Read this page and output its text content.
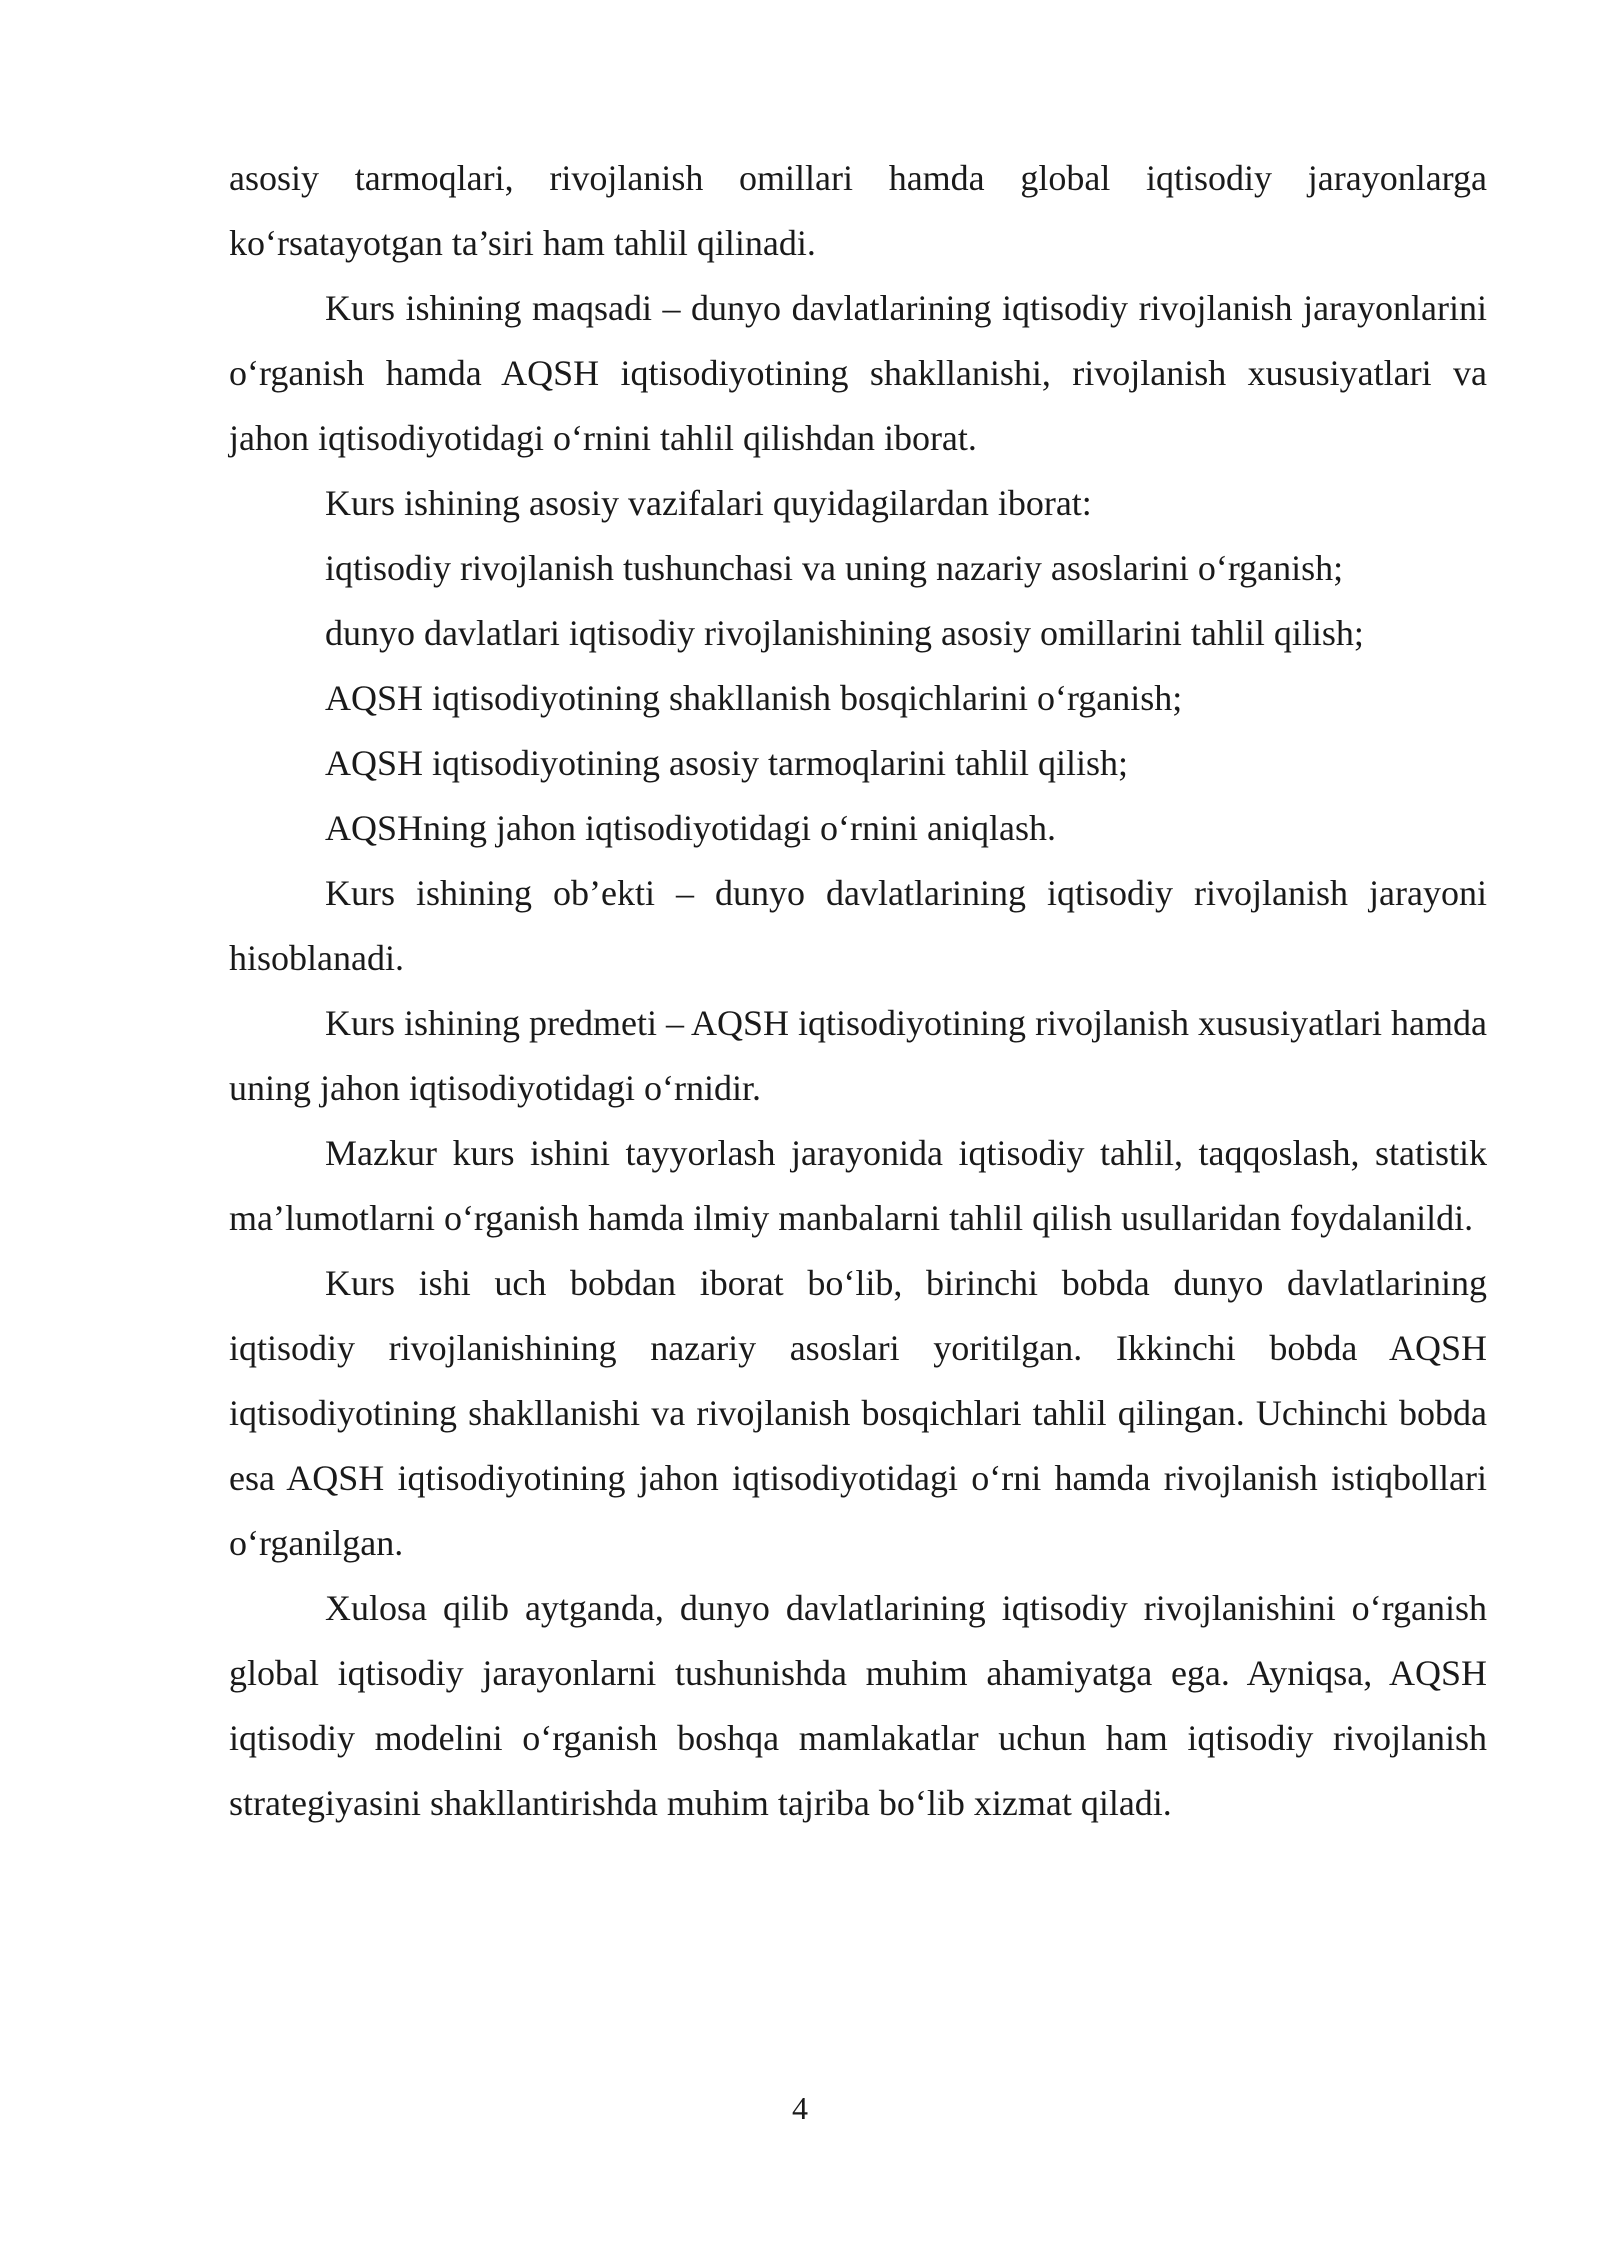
asosiy tarmoqlari, rivojlanish omillari hamda global iqtisodiy jarayonlarga ko‘rsatayotgan ta’siri ham tahlil qilinadi.

Kurs ishining maqsadi – dunyo davlatlarining iqtisodiy rivojlanish jarayonlarini o‘rganish hamda AQSH iqtisodiyotining shakllanishi, rivojlanish xususiyatlari va jahon iqtisodiyotidagi o‘rnini tahlil qilishdan iborat.

Kurs ishining asosiy vazifalari quyidagilardan iborat:

iqtisodiy rivojlanish tushunchasi va uning nazariy asoslarini o‘rganish;

dunyo davlatlari iqtisodiy rivojlanishining asosiy omillarini tahlil qilish;

AQSH iqtisodiyotining shakllanish bosqichlarini o‘rganish;

AQSH iqtisodiyotining asosiy tarmoqlarini tahlil qilish;

AQSHning jahon iqtisodiyotidagi o‘rnini aniqlash.

Kurs ishining ob’ekti – dunyo davlatlarining iqtisodiy rivojlanish jarayoni hisoblanadi.

Kurs ishining predmeti – AQSH iqtisodiyotining rivojlanish xususiyatlari hamda uning jahon iqtisodiyotidagi o‘rnidir.

Mazkur kurs ishini tayyorlash jarayonida iqtisodiy tahlil, taqqoslash, statistik ma’lumotlarni o‘rganish hamda ilmiy manbalarni tahlil qilish usullaridan foydalanildi.

Kurs ishi uch bobdan iborat bo‘lib, birinchi bobda dunyo davlatlarining iqtisodiy rivojlanishining nazariy asoslari yoritilgan. Ikkinchi bobda AQSH iqtisodiyotining shakllanishi va rivojlanish bosqichlari tahlil qilingan. Uchinchi bobda esa AQSH iqtisodiyotining jahon iqtisodiyotidagi o‘rni hamda rivojlanish istiqbollari o‘rganilgan.

Xulosa qilib aytganda, dunyo davlatlarining iqtisodiy rivojlanishini o‘rganish global iqtisodiy jarayonlarni tushunishda muhim ahamiyatga ega. Ayniqsa, AQSH iqtisodiy modelini o‘rganish boshqa mamlakatlar uchun ham iqtisodiy rivojlanish strategiyasini shakllantirishda muhim tajriba bo‘lib xizmat qiladi.

4
